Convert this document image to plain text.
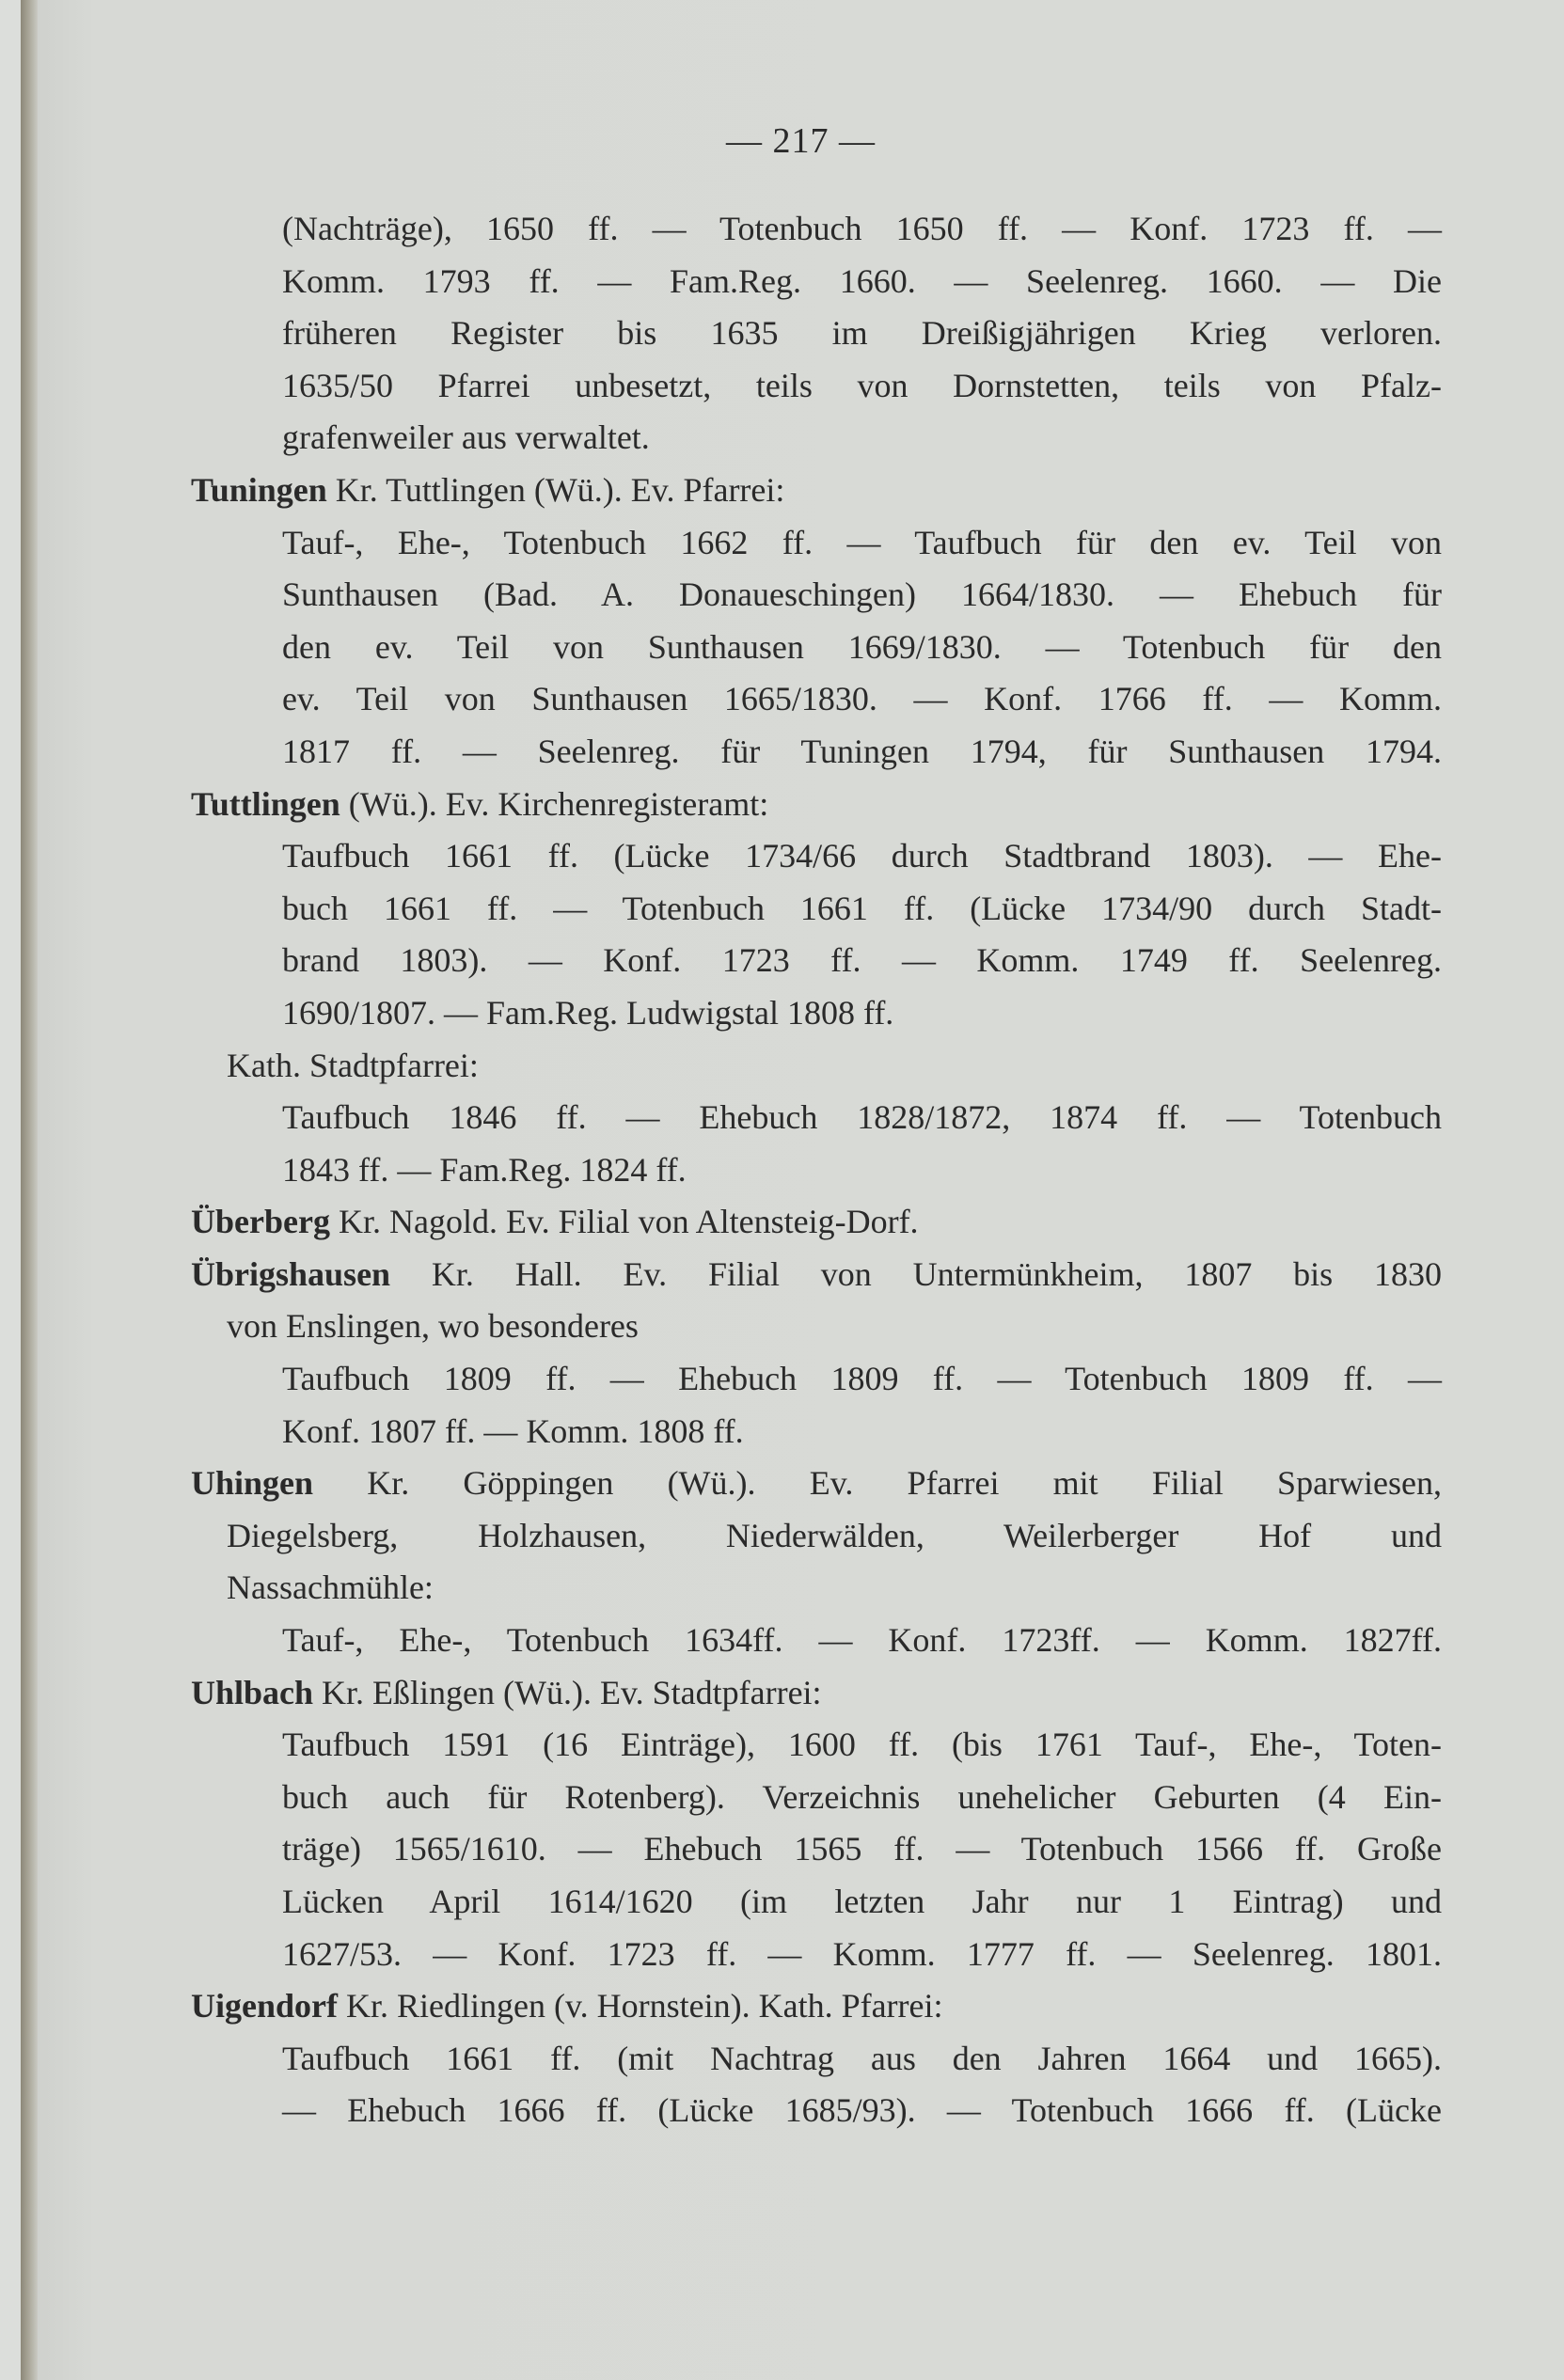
— 217 —
(Nachträge), 1650 ff. — Totenbuch 1650 ff. — Konf. 1723 ff. —
Komm. 1793 ff. — Fam.Reg. 1660. — Seelenreg. 1660. — Die
früheren Register bis 1635 im Dreißigjährigen Krieg verloren.
1635/50 Pfarrei unbesetzt, teils von Dornstetten, teils von Pfalz-
grafenweiler aus verwaltet.
Tuningen Kr. Tuttlingen (Wü.). Ev. Pfarrei:
Tauf-, Ehe-, Totenbuch 1662 ff. — Taufbuch für den ev. Teil von
Sunthausen (Bad. A. Donaueschingen) 1664/1830. — Ehebuch für
den ev. Teil von Sunthausen 1669/1830. — Totenbuch für den
ev. Teil von Sunthausen 1665/1830. — Konf. 1766 ff. — Komm.
1817 ff. — Seelenreg. für Tuningen 1794, für Sunthausen 1794.
Tuttlingen (Wü.). Ev. Kirchenregisteramt:
Taufbuch 1661 ff. (Lücke 1734/66 durch Stadtbrand 1803). — Ehe-
buch 1661 ff. — Totenbuch 1661 ff. (Lücke 1734/90 durch Stadt-
brand 1803). — Konf. 1723 ff. — Komm. 1749 ff. Seelenreg.
1690/1807. — Fam.Reg. Ludwigstal 1808 ff.
Kath. Stadtpfarrei:
Taufbuch 1846 ff. — Ehebuch 1828/1872, 1874 ff. — Totenbuch
1843 ff. — Fam.Reg. 1824 ff.
Überberg Kr. Nagold. Ev. Filial von Altensteig-Dorf.
Übrigshausen Kr. Hall. Ev. Filial von Untermünkheim, 1807 bis 1830
von Enslingen, wo besonderes
Taufbuch 1809 ff. — Ehebuch 1809 ff. — Totenbuch 1809 ff. —
Konf. 1807 ff. — Komm. 1808 ff.
Uhingen Kr. Göppingen (Wü.). Ev. Pfarrei mit Filial Sparwiesen,
Diegelsberg, Holzhausen, Niederwälden, Weilerberger Hof und
Nassachmühle:
Tauf-, Ehe-, Totenbuch 1634ff. — Konf. 1723ff. — Komm. 1827ff.
Uhlbach Kr. Eßlingen (Wü.). Ev. Stadtpfarrei:
Taufbuch 1591 (16 Einträge), 1600 ff. (bis 1761 Tauf-, Ehe-, Toten-
buch auch für Rotenberg). Verzeichnis unehelicher Geburten (4 Ein-
träge) 1565/1610. — Ehebuch 1565 ff. — Totenbuch 1566 ff. Große
Lücken April 1614/1620 (im letzten Jahr nur 1 Eintrag) und
1627/53. — Konf. 1723 ff. — Komm. 1777 ff. — Seelenreg. 1801.
Uigendorf Kr. Riedlingen (v. Hornstein). Kath. Pfarrei:
Taufbuch 1661 ff. (mit Nachtrag aus den Jahren 1664 und 1665).
— Ehebuch 1666 ff. (Lücke 1685/93). — Totenbuch 1666 ff. (Lücke
